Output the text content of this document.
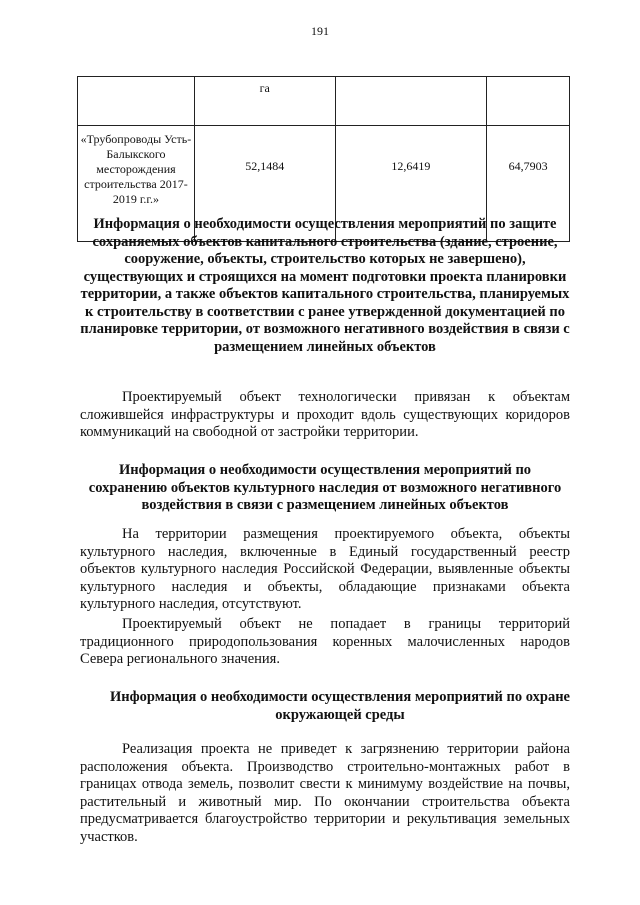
191
	га		
«Трубопроводы Усть-Балыкского месторождения строительства 2017-2019 г.г.»	52,1484	12,6419	64,7903
Информация о необходимости осуществления мероприятий по защите сохраняемых объектов капитального строительства (здание, строение, сооружение, объекты, строительство которых не завершено), существующих и строящихся на момент подготовки проекта планировки территории, а также объектов капитального строительства, планируемых к строительству в соответствии с ранее утвержденной документацией по планировке территории, от возможного негативного воздействия в связи с размещением линейных объектов

Проектируемый объект технологически привязан к объектам сложившейся инфраструктуры и проходит вдоль существующих коридоров коммуникаций на свободной от застройки территории.

Информация о необходимости осуществления мероприятий по сохранению объектов культурного наследия от возможного негативного воздействия в связи с размещением линейных объектов

На территории размещения проектируемого объекта, объекты культурного наследия, включенные в Единый государственный реестр объектов культурного наследия Российской Федерации, выявленные объекты культурного наследия и объекты, обладающие признаками объекта культурного наследия, отсутствуют.

Проектируемый объект не попадает в границы территорий традиционного природопользования коренных малочисленных народов Севера регионального значения.

Информация о необходимости осуществления мероприятий по охране окружающей среды

Реализация проекта не приведет к загрязнению территории района расположения объекта. Производство строительно-монтажных работ в границах отвода земель, позволит свести к минимуму воздействие на почвы, растительный и животный мир. По окончании строительства объекта предусматривается благоустройство территории и рекультивация земельных участков.
